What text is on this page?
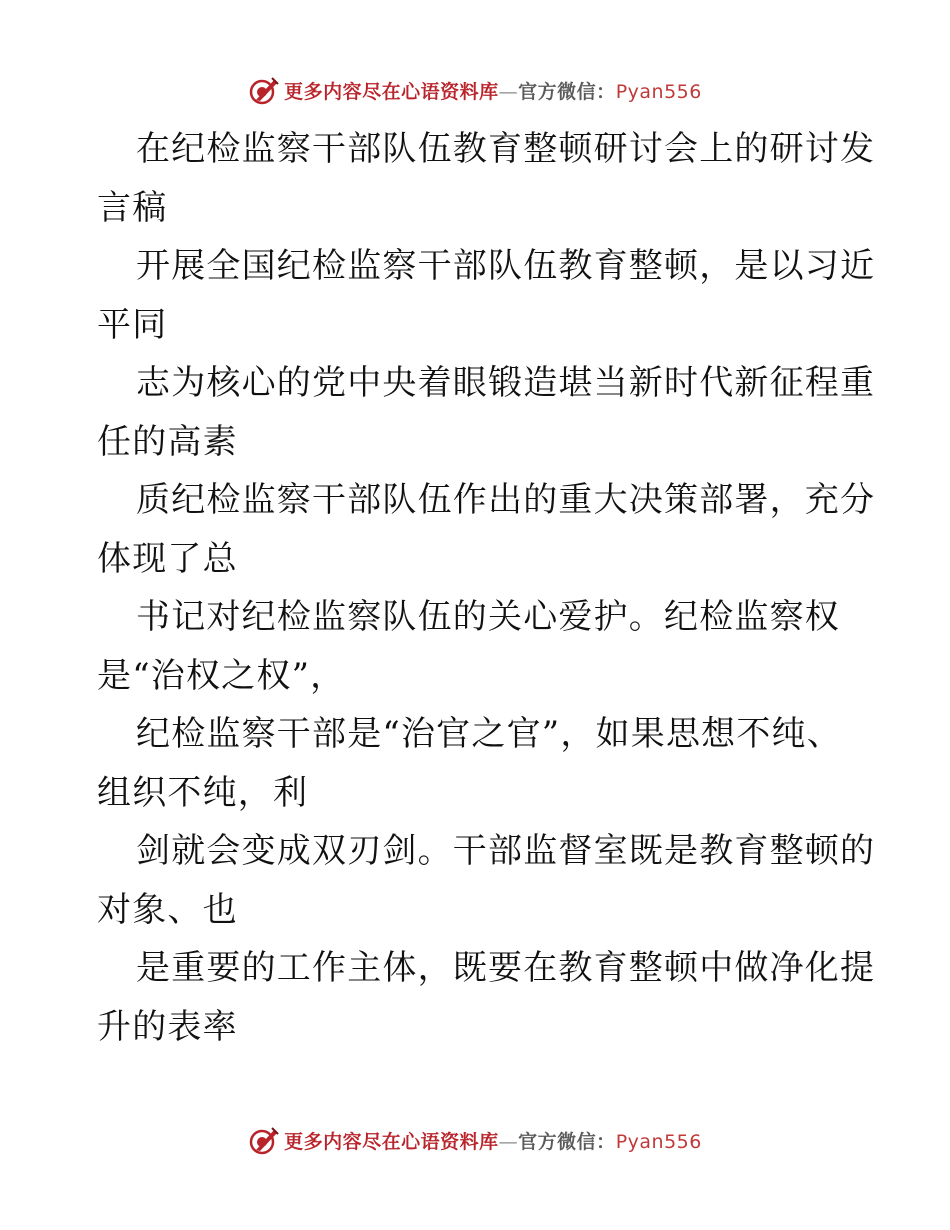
更多内容尽在心语资料库—官方微信：Pyan556
在纪检监察干部队伍教育整顿研讨会上的研讨发
言稿
开展全国纪检监察干部队伍教育整顿，是以习近
平同
志为核心的党中央着眼锻造堪当新时代新征程重
任的高素
质纪检监察干部队伍作出的重大决策部署，充分
体现了总
书记对纪检监察队伍的关心爱护。纪检监察权
是“治权之权”，
纪检监察干部是“治官之官”，如果思想不纯、
组织不纯，利
剑就会变成双刃剑。干部监督室既是教育整顿的
对象、也
是重要的工作主体，既要在教育整顿中做净化提
升的表率
更多内容尽在心语资料库—官方微信：Pyan556
